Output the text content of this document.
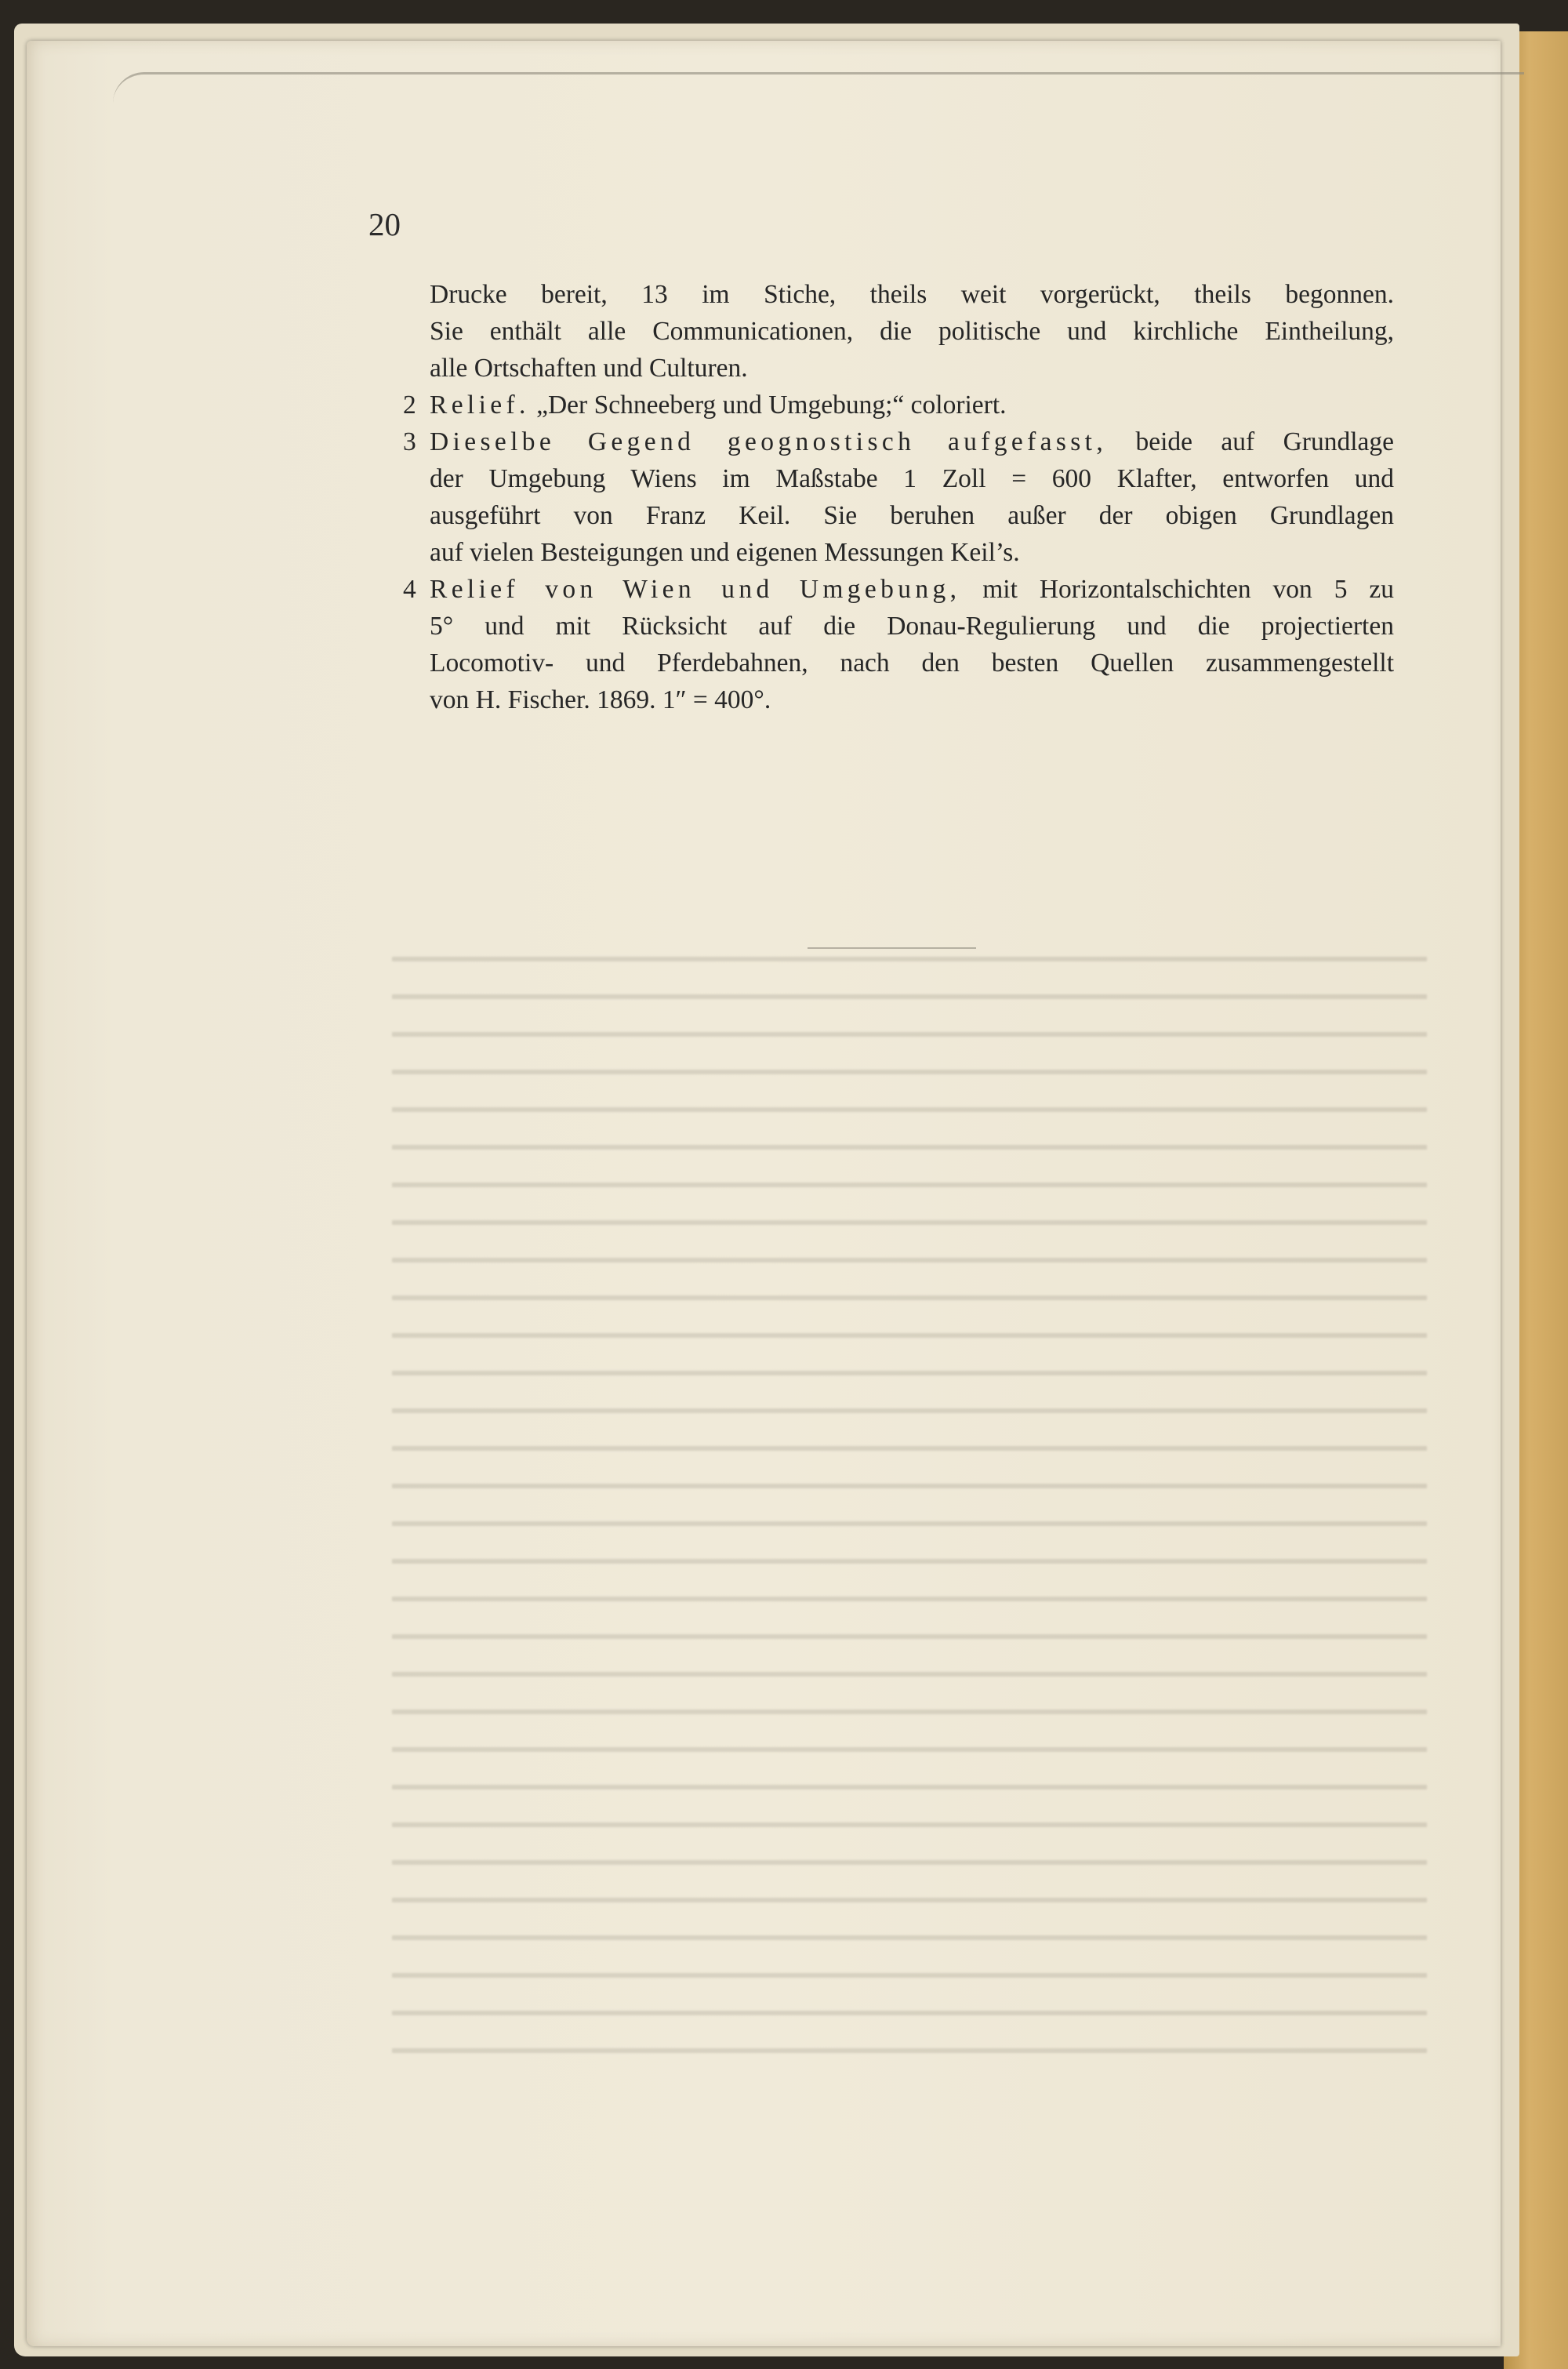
20
Drucke bereit, 13 im Stiche, theils weit vorgerückt, theils begonnen.
Sie enthält alle Communicationen, die politische und kirchliche Eintheilung,
alle Ortschaften und Culturen.
2 Relief. „Der Schneeberg und Umgebung;“ coloriert.
3 Dieselbe Gegend geognostisch aufgefasst, beide auf Grundlage
der Umgebung Wiens im Maßstabe 1 Zoll = 600 Klafter, entworfen und
ausgeführt von Franz Keil. Sie beruhen außer der obigen Grundlagen
auf vielen Besteigungen und eigenen Messungen Keil’s.
4 Relief von Wien und Umgebung, mit Horizontalschichten von 5 zu
5° und mit Rücksicht auf die Donau-Regulierung und die projectierten
Locomotiv- und Pferdebahnen, nach den besten Quellen zusammengestellt
von H. Fischer. 1869. 1″ = 400°.
